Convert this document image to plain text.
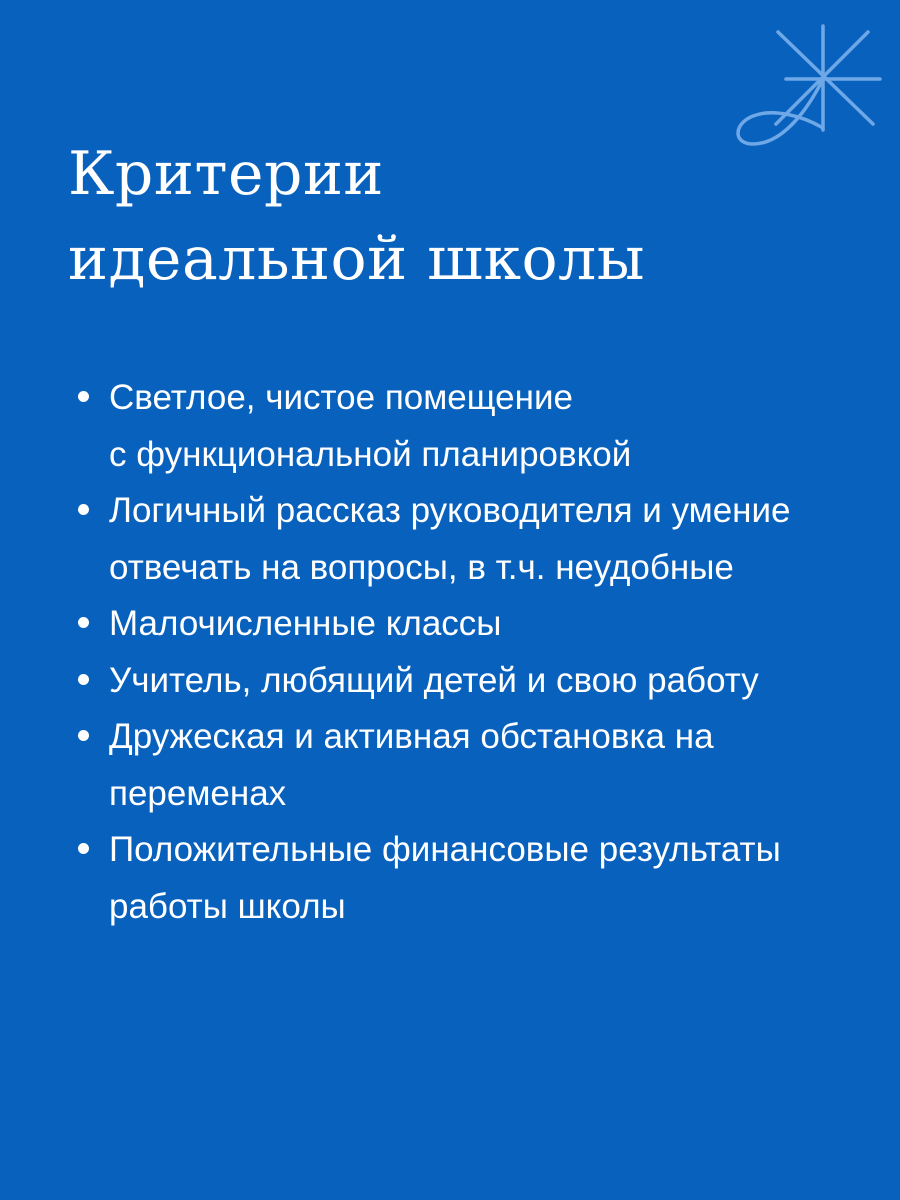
Критерии
идеальной школы
Светлое, чистое помещение
с функциональной планировкой
Логичный рассказ руководителя и умение отвечать на вопросы, в т.ч. неудобные
Малочисленные классы
Учитель, любящий детей и свою работу
Дружеская и активная обстановка на переменах
Положительные финансовые результаты работы школы
